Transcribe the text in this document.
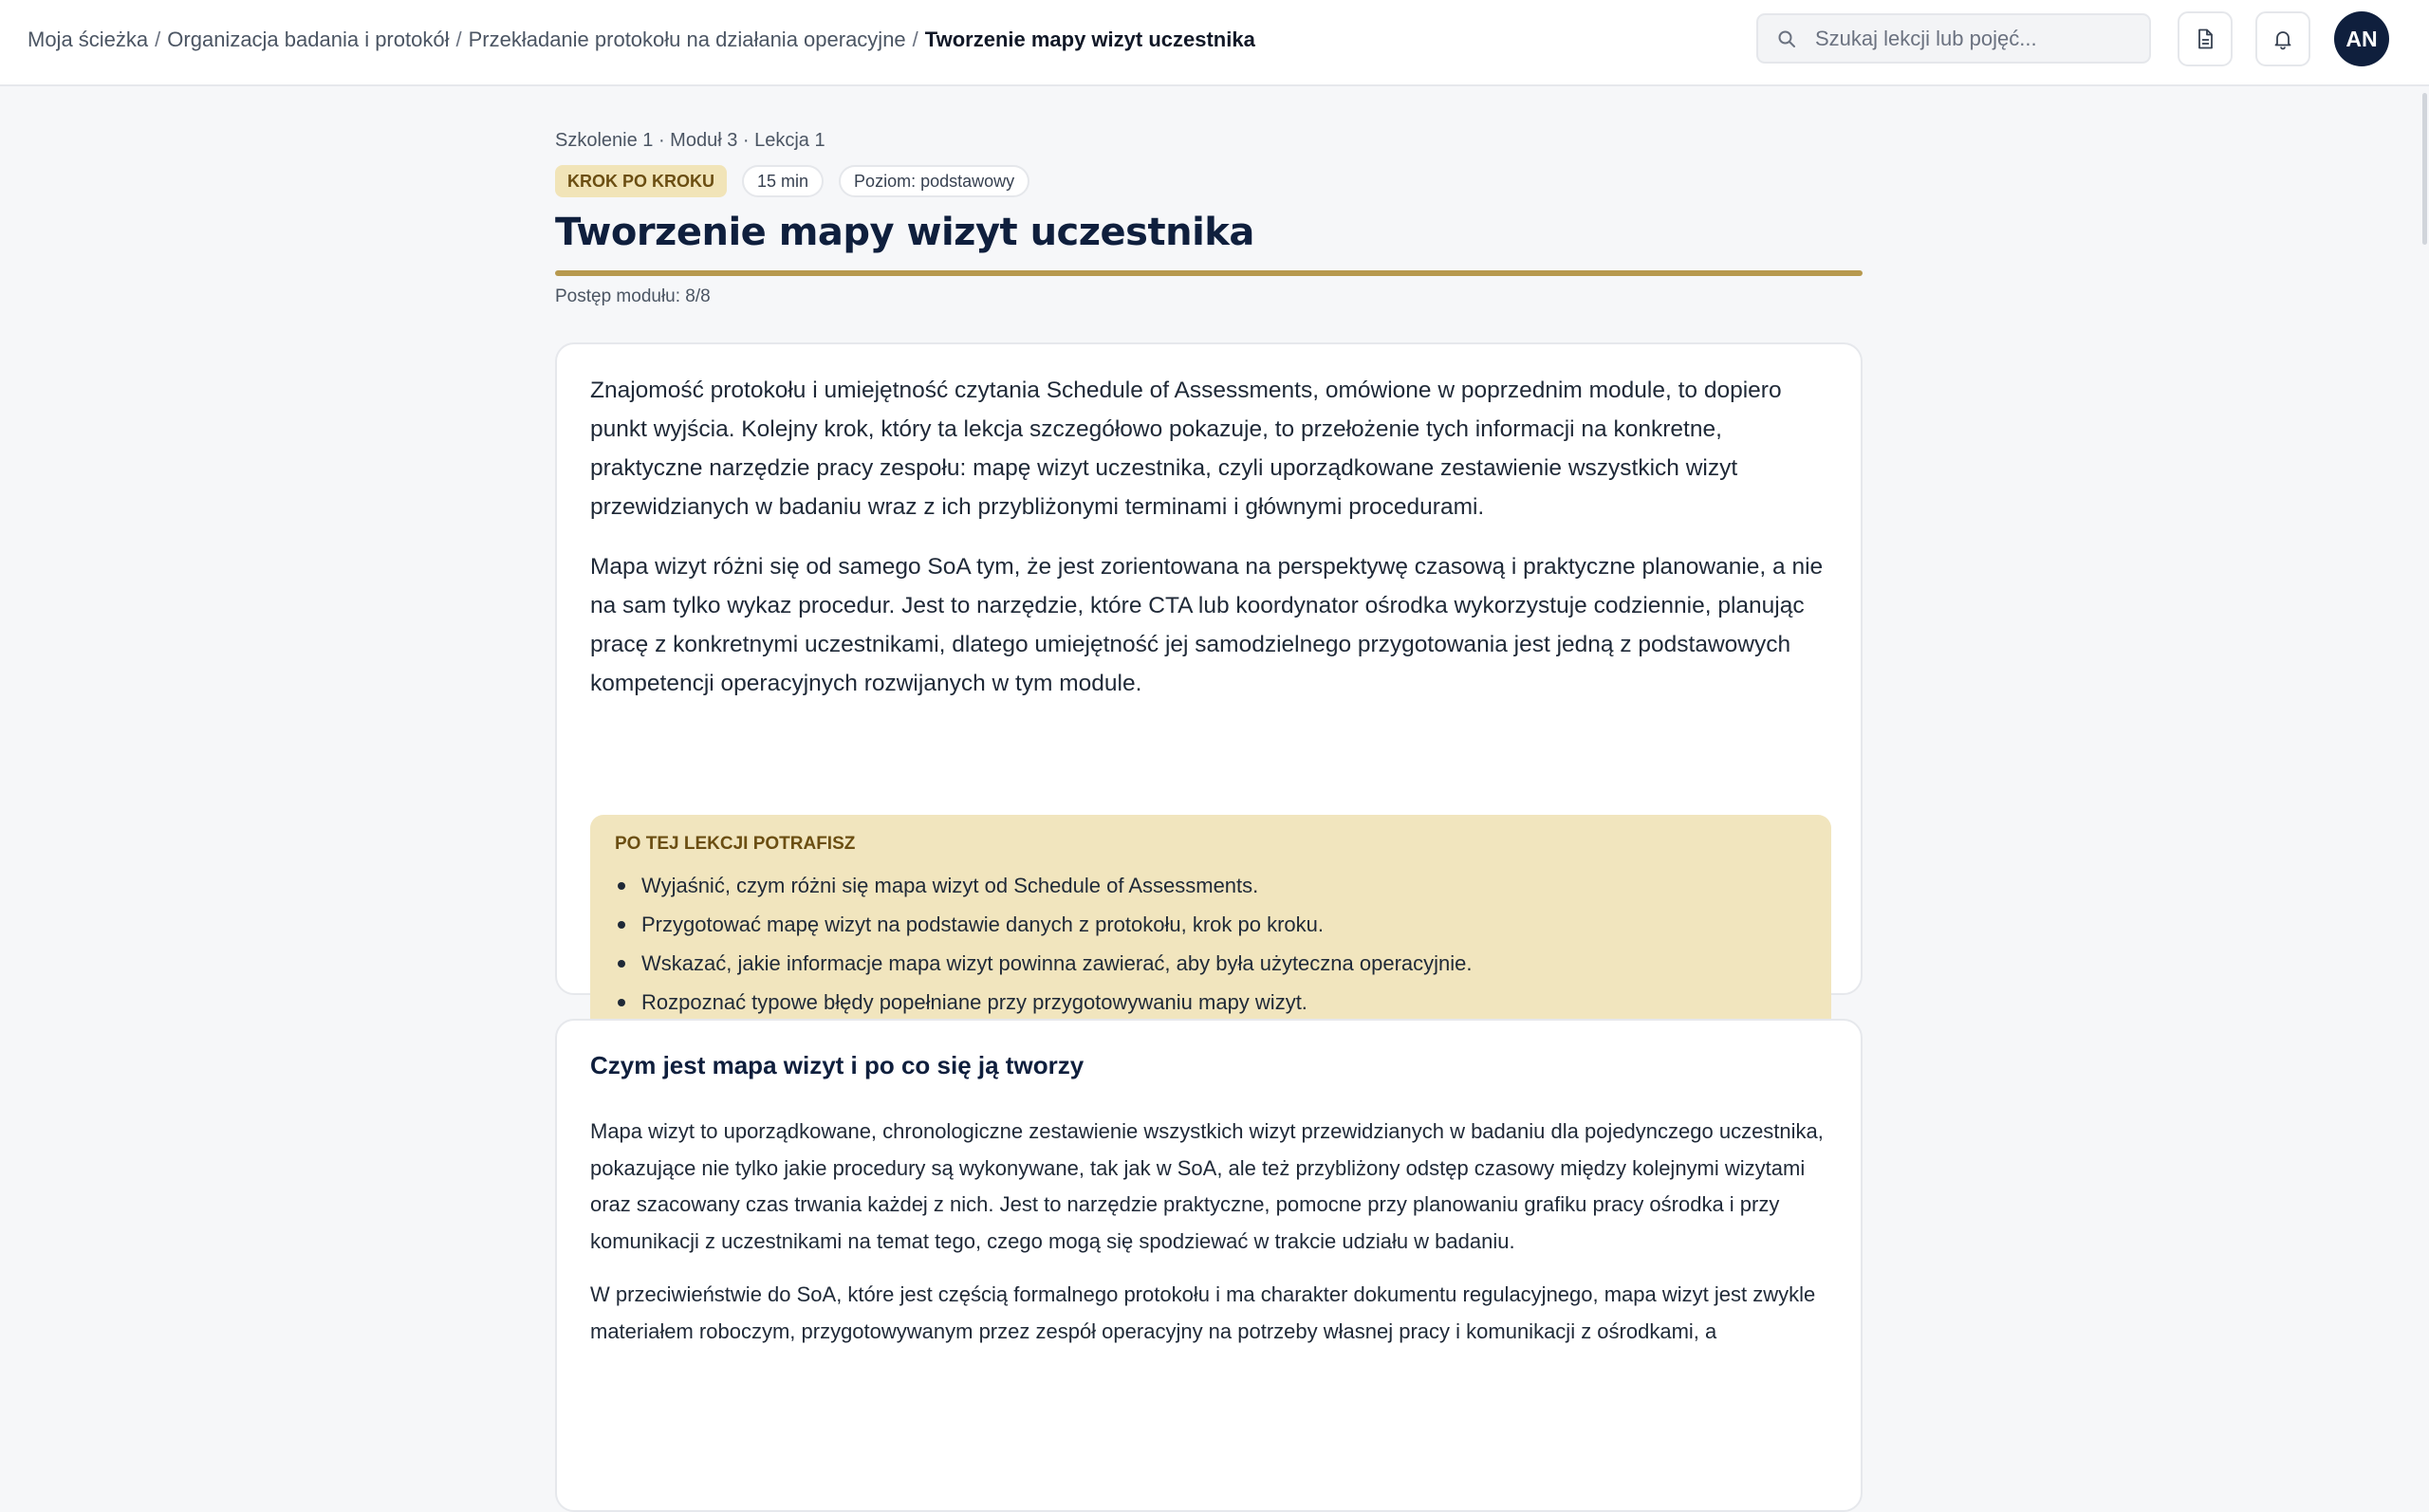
Moja ścieżka / Organizacja badania i protokół / Przekładanie protokołu na działania operacyjne / Tworzenie mapy wizyt uczestnika
Szukaj lekcji lub pojęć...	AN
Szkolenie 1 · Moduł 3 · Lekcja 1
KROK PO KROKU	15 min	Poziom: podstawowy
Tworzenie mapy wizyt uczestnika
Postęp modułu: 8/8

Znajomość protokołu i umiejętność czytania Schedule of Assessments, omówione w poprzednim module, to dopiero punkt wyjścia. Kolejny krok, który ta lekcja szczegółowo pokazuje, to przełożenie tych informacji na konkretne, praktyczne narzędzie pracy zespołu: mapę wizyt uczestnika, czyli uporządkowane zestawienie wszystkich wizyt przewidzianych w badaniu wraz z ich przybliżonymi terminami i głównymi procedurami.

Mapa wizyt różni się od samego SoA tym, że jest zorientowana na perspektywę czasową i praktyczne planowanie, a nie na sam tylko wykaz procedur. Jest to narzędzie, które CTA lub koordynator ośrodka wykorzystuje codziennie, planując pracę z konkretnymi uczestnikami, dlatego umiejętność jej samodzielnego przygotowania jest jedną z podstawowych kompetencji operacyjnych rozwijanych w tym module.

PO TEJ LEKCJI POTRAFISZ
Wyjaśnić, czym różni się mapa wizyt od Schedule of Assessments.
Przygotować mapę wizyt na podstawie danych z protokołu, krok po kroku.
Wskazać, jakie informacje mapa wizyt powinna zawierać, aby była użyteczna operacyjnie.
Rozpoznać typowe błędy popełniane przy przygotowywaniu mapy wizyt.
Czym jest mapa wizyt i po co się ją tworzy

Mapa wizyt to uporządkowane, chronologiczne zestawienie wszystkich wizyt przewidzianych w badaniu dla pojedynczego uczestnika, pokazujące nie tylko jakie procedury są wykonywane, tak jak w SoA, ale też przybliżony odstęp czasowy między kolejnymi wizytami oraz szacowany czas trwania każdej z nich. Jest to narzędzie praktyczne, pomocne przy planowaniu grafiku pracy ośrodka i przy komunikacji z uczestnikami na temat tego, czego mogą się spodziewać w trakcie udziału w badaniu.

W przeciwieństwie do SoA, które jest częścią formalnego protokołu i ma charakter dokumentu regulacyjnego, mapa wizyt jest zwykle materiałem roboczym, przygotowywanym przez zespół operacyjny na potrzeby własnej pracy i komunikacji z ośrodkami, a
